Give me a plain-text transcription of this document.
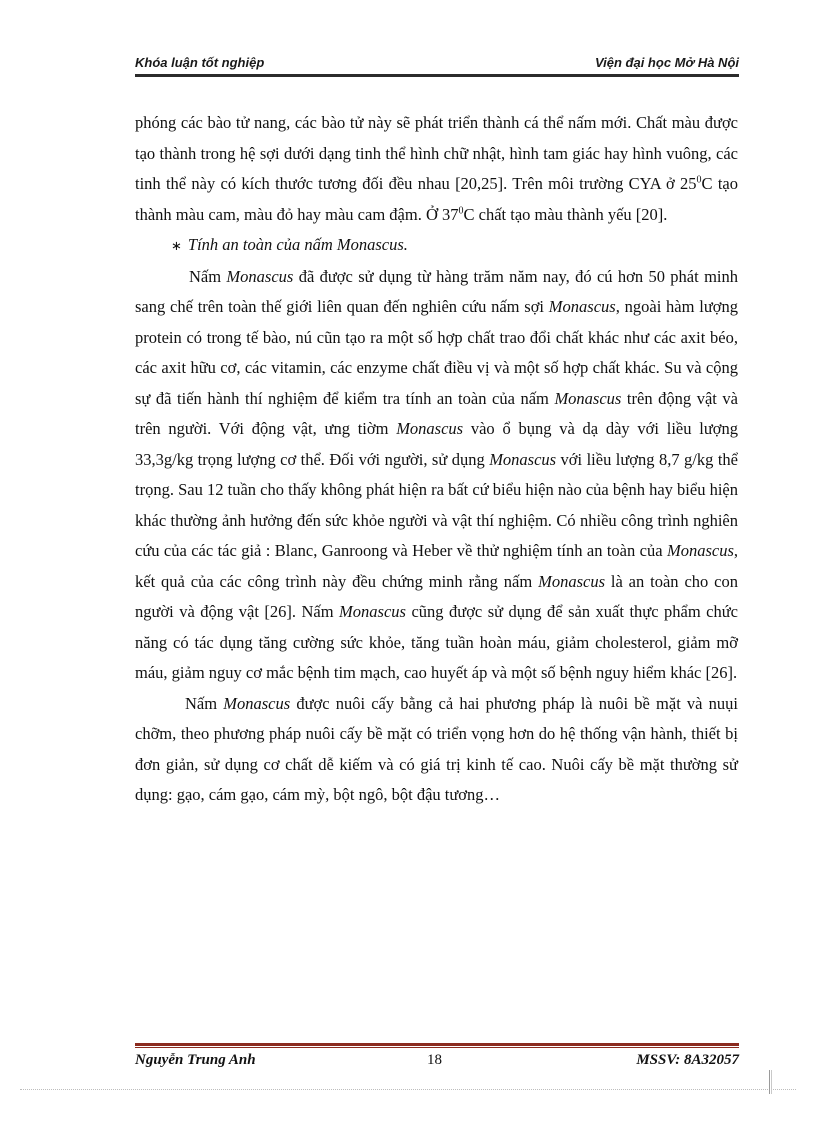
Khóa luận tốt nghiệp	Viện đại học Mở Hà Nội

phóng các bào tử nang, các bào tử này sẽ phát triển thành cá thể nấm mới. Chất màu được tạo thành trong hệ sợi dưới dạng tinh thể hình chữ nhật, hình tam giác hay hình vuông, các tinh thể này có kích thước tương đối đều nhau [20,25]. Trên môi trường CYA ở $25^0C$ tạo thành màu cam, màu đỏ hay màu cam đậm. Ở $37^0C$ chất tạo màu thành yếu [20].

∗ Tính an toàn của nấm Monascus.

Nấm Monascus đã được sử dụng từ hàng trăm năm nay, đó cú hơn 50 phát minh sang chế trên toàn thế giới liên quan đến nghiên cứu nấm sợi Monascus, ngoài hàm lượng protein có trong tế bào, nú cũn tạo ra một số hợp chất trao đổi chất khác như các axit béo, các axit hữu cơ, các vitamin, các enzyme chất điều vị và một số hợp chất khác. Su và cộng sự đã tiến hành thí nghiệm để kiểm tra tính an toàn của nấm Monascus trên động vật và trên người. Với động vật, ưng tiờm Monascus vào ổ bụng và dạ dày với liều lượng 33,3g/kg trọng lượng cơ thể. Đối với người, sử dụng Monascus với liều lượng 8,7 g/kg thể trọng. Sau 12 tuần cho thấy không phát hiện ra bất cứ biểu hiện nào của bệnh hay biểu hiện khác thường ảnh hưởng đến sức khỏe người và vật thí nghiệm. Có nhiều công trình nghiên cứu của các tác giả : Blanc, Ganroong và Heber về thử nghiệm tính an toàn của Monascus, kết quả của các công trình này đều chứng minh rằng nấm Monascus là an toàn cho con người và động vật [26]. Nấm Monascus cũng được sử dụng để sản xuất thực phẩm chức năng có tác dụng tăng cường sức khỏe, tăng tuần hoàn máu, giảm cholesterol, giảm mỡ máu, giảm nguy cơ mắc bệnh tim mạch, cao huyết áp và một số bệnh nguy hiểm khác [26].

Nấm Monascus được nuôi cấy bằng cả hai phương pháp là nuôi bề mặt và nuụi chỡm, theo phương pháp nuôi cấy bề mặt có triển vọng hơn do hệ thống vận hành, thiết bị đơn giản, sử dụng cơ chất dễ kiếm và có giá trị kinh tế cao. Nuôi cấy bề mặt thường sử dụng: gạo, cám gạo, cám mỳ, bột ngô, bột đậu tương…

Nguyễn Trung Anh	18	MSSV: 8A32057
